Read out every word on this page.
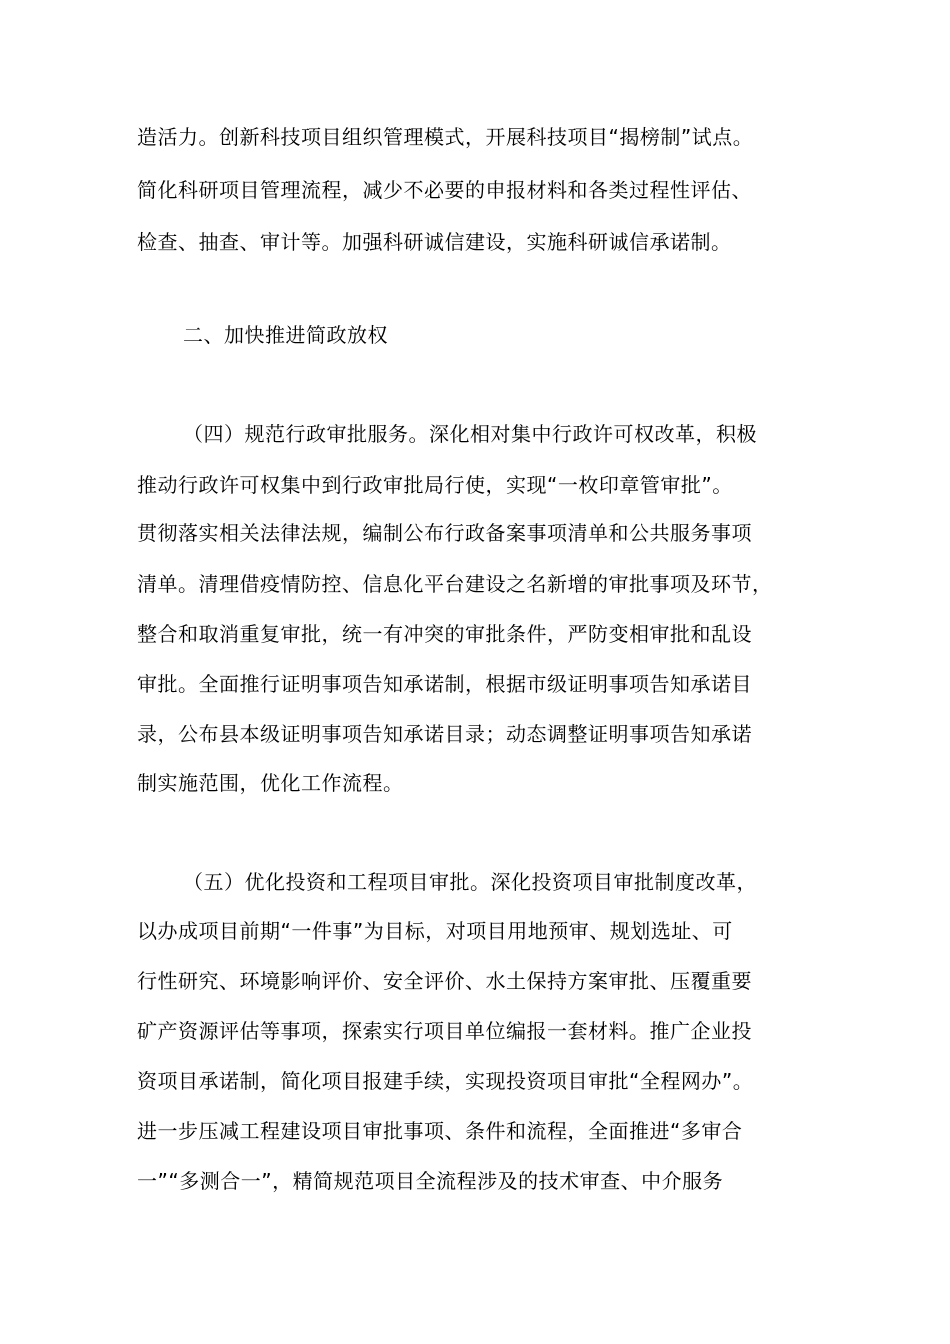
造活力。创新科技项目组织管理模式，开展科技项目“揭榜制”试点。
简化科研项目管理流程，减少不必要的申报材料和各类过程性评估、
检查、抽查、审计等。加强科研诚信建设，实施科研诚信承诺制。
二、加快推进简政放权
（四）规范行政审批服务。深化相对集中行政许可权改革，积极
推动行政许可权集中到行政审批局行使，实现“一枚印章管审批”。
贯彻落实相关法律法规，编制公布行政备案事项清单和公共服务事项
清单。清理借疫情防控、信息化平台建设之名新增的审批事项及环节，
整合和取消重复审批，统一有冲突的审批条件，严防变相审批和乱设
审批。全面推行证明事项告知承诺制，根据市级证明事项告知承诺目
录，公布县本级证明事项告知承诺目录；动态调整证明事项告知承诺
制实施范围，优化工作流程。
（五）优化投资和工程项目审批。深化投资项目审批制度改革，
以办成项目前期“一件事”为目标，对项目用地预审、规划选址、可
行性研究、环境影响评价、安全评价、水土保持方案审批、压覆重要
矿产资源评估等事项，探索实行项目单位编报一套材料。推广企业投
资项目承诺制，简化项目报建手续，实现投资项目审批“全程网办”。
进一步压减工程建设项目审批事项、条件和流程，全面推进“多审合
一”“多测合一”，精简规范项目全流程涉及的技术审查、中介服务
